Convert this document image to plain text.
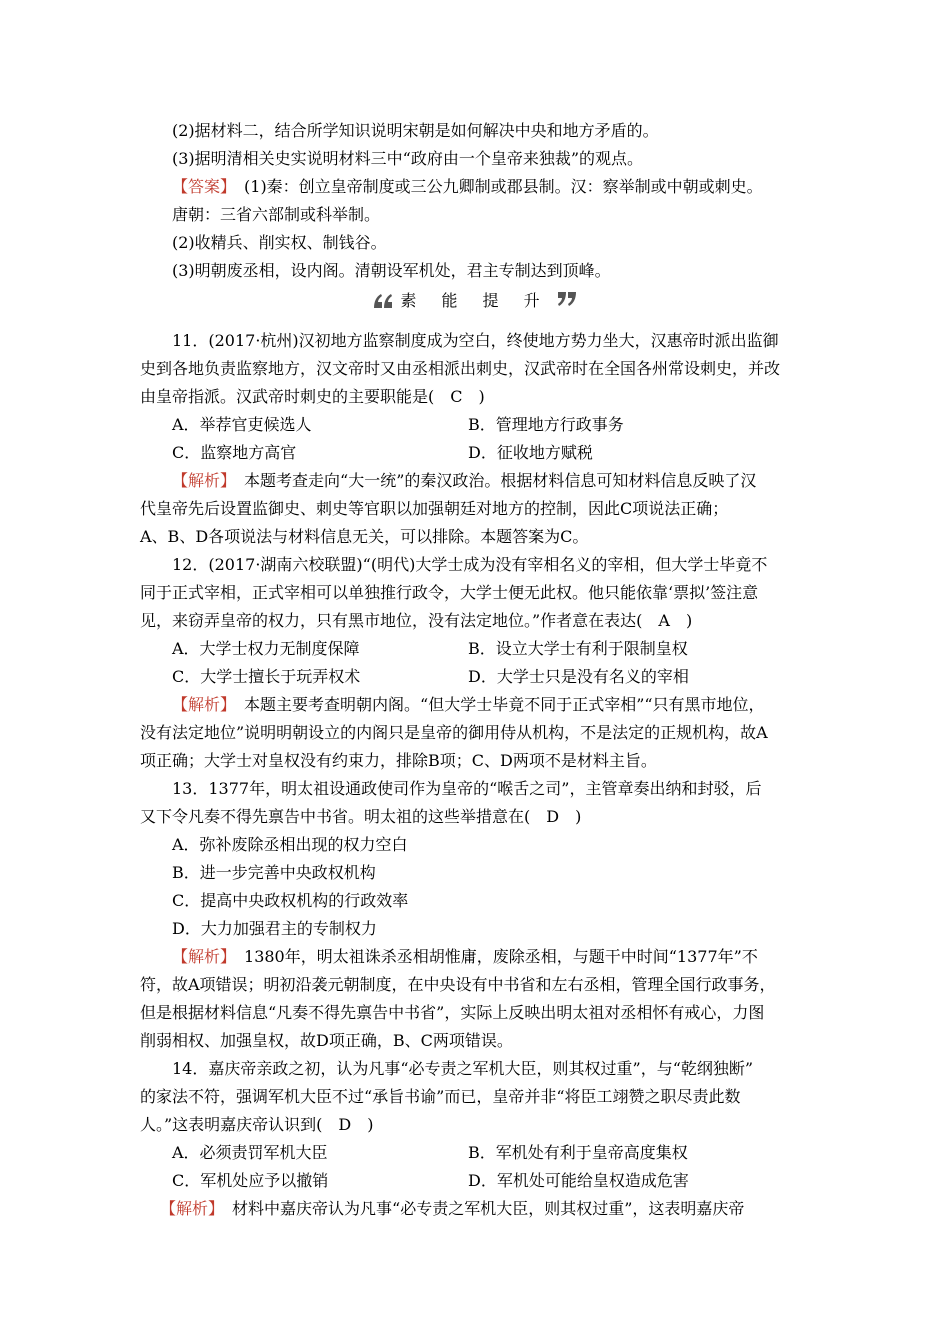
(2)据材料二，结合所学知识说明宋朝是如何解决中央和地方矛盾的。
(3)据明清相关史实说明材料三中“政府由一个皇帝来独裁”的观点。
【答案】　(1)秦：创立皇帝制度或三公九卿制或郡县制。汉：察举制或中朝或刺史。
唐朝：三省六部制或科举制。
(2)收精兵、削实权、制钱谷。
(3)明朝废丞相，设内阁。清朝设军机处，君主专制达到顶峰。
素 能 提 升
11．(2017·杭州)汉初地方监察制度成为空白，终使地方势力坐大，汉惠帝时派出监御
史到各地负责监察地方，汉文帝时又由丞相派出刺史，汉武帝时在全国各州常设刺史，并改
由皇帝指派。汉武帝时刺史的主要职能是(　C　)
A．举荐官吏候选人	B．管理地方行政事务
C．监察地方高官	D．征收地方赋税
【解析】　本题考查走向“大一统”的秦汉政治。根据材料信息可知材料信息反映了汉
代皇帝先后设置监御史、刺史等官职以加强朝廷对地方的控制，因此C项说法正确；
A、B、D各项说法与材料信息无关，可以排除。本题答案为C。
12．(2017·湖南六校联盟)“(明代)大学士成为没有宰相名义的宰相，但大学士毕竟不
同于正式宰相，正式宰相可以单独推行政令，大学士便无此权。他只能依靠‘票拟’签注意
见，来窃弄皇帝的权力，只有黑市地位，没有法定地位。”作者意在表达(　A　)
A．大学士权力无制度保障	B．设立大学士有利于限制皇权
C．大学士擅长于玩弄权术	D．大学士只是没有名义的宰相
【解析】　本题主要考查明朝内阁。“但大学士毕竟不同于正式宰相”“只有黑市地位，
没有法定地位”说明明朝设立的内阁只是皇帝的御用侍从机构，不是法定的正规机构，故A
项正确；大学士对皇权没有约束力，排除B项；C、D两项不是材料主旨。
13．1377年，明太祖设通政使司作为皇帝的“喉舌之司”，主管章奏出纳和封驳，后
又下令凡奏不得先禀告中书省。明太祖的这些举措意在(　D　)
A．弥补废除丞相出现的权力空白
B．进一步完善中央政权机构
C．提高中央政权机构的行政效率
D．大力加强君主的专制权力
【解析】　1380年，明太祖诛杀丞相胡惟庸，废除丞相，与题干中时间“1377年”不
符，故A项错误；明初沿袭元朝制度，在中央设有中书省和左右丞相，管理全国行政事务，
但是根据材料信息“凡奏不得先禀告中书省”，实际上反映出明太祖对丞相怀有戒心，力图
削弱相权、加强皇权，故D项正确，B、C两项错误。
14．嘉庆帝亲政之初，认为凡事“必专责之军机大臣，则其权过重”，与“乾纲独断”
的家法不符，强调军机大臣不过“承旨书谕”而已，皇帝并非“将臣工翊赞之职尽责此数
人。”这表明嘉庆帝认识到(　D　)
A．必须责罚军机大臣	B．军机处有利于皇帝高度集权
C．军机处应予以撤销	D．军机处可能给皇权造成危害
【解析】　材料中嘉庆帝认为凡事“必专责之军机大臣，则其权过重”，这表明嘉庆帝
